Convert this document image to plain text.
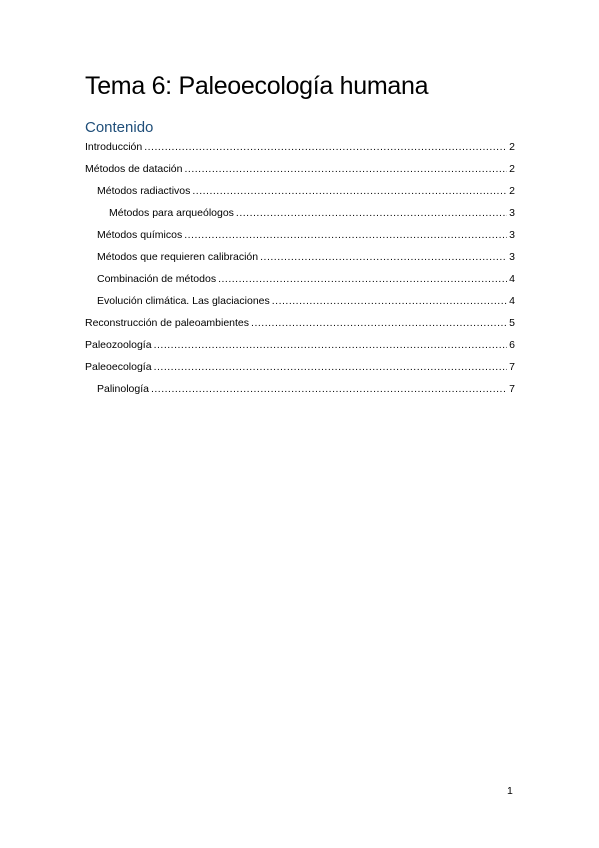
Tema 6: Paleoecología humana
Contenido
Introducción .....	2
Métodos de datación .....	2
Métodos radiactivos .....	2
Métodos para arqueólogos .....	3
Métodos químicos .....	3
Métodos que requieren calibración .....	3
Combinación de métodos .....	4
Evolución climática. Las glaciaciones .....	4
Reconstrucción de paleoambientes .....	5
Paleozoología .....	6
Paleoecología .....	7
Palinología .....	7
1
